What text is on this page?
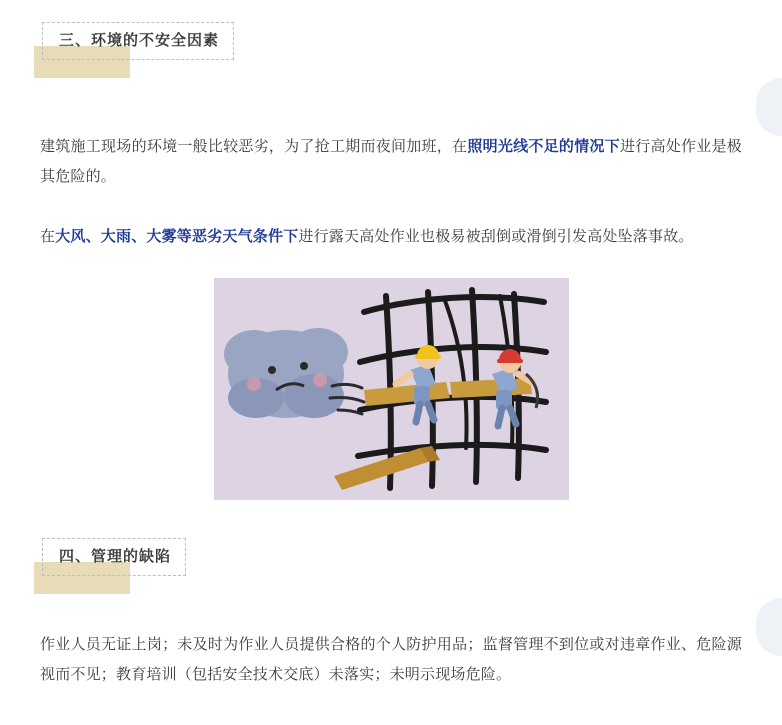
三、环境的不安全因素

建筑施工现场的环境一般比较恶劣，为了抢工期而夜间加班，在照明光线不足的情况下进行高处作业是极其危险的。

在大风、大雨、大雾等恶劣天气条件下进行露天高处作业也极易被刮倒或滑倒引发高处坠落事故。

四、管理的缺陷

作业人员无证上岗；未及时为作业人员提供合格的个人防护用品；监督管理不到位或对违章作业、危险源视而不见；教育培训（包括安全技术交底）未落实；未明示现场危险。
